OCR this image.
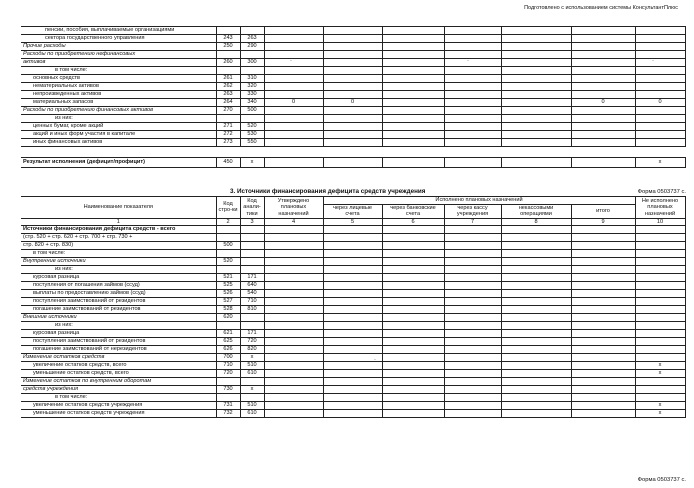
Подготовлено с использованием системы КонсультантПлюс
пенсии, пособия, выплачиваемые организациями									
сектора государственного управления	243	263							
Прочие расходы	250	290							
Расходы по приобретению нефинансовых									
активов	260	300							
в том числе:									
основных средств	261	310							
нематериальных активов	262	320							
непроизведенных активов	263	330							
материальных запасов	264	340	0	0				0	0
Расходы по приобретению финансовых активов	270	500							
из них:									
ценных бумаг, кроме акций	271	520							
акций и иных форм участия в капитале	272	530							
иных финансовых активов	273	550							

Результат исполнения (дефицит/профицит)	450	x							x
3. Источники финансирования дефицита средств учреждения	Форма 0503737 с.
Наименование показателя	Код стро-ки	Код анали-тики	Утверждено плановых назначений	Исполнено плановых назначений					Не исполнено плановых назначений
				через лицевые счета	через банковские счета	через кассу учреждения	некассовыми операциями	итого	
1	2	3	4	5	6	7	8	9	10
Источники финансирования дефицита средств - всего									
(стр. 520 + стр. 620 + стр. 700 + стр. 730 +									
стр. 820 + стр. 830)	500								
в том числе:									
Внутренние источники	520								
из них:									
курсовая разница	521	171							
поступления от погашения займов (ссуд)	525	640							
выплаты по предоставлению займов (ссуд)	526	540							
поступления заимствований от резидентов	527	710							
погашение заимствований от резидентов	528	810							
Внешние источники	620								
из них:									
курсовая разница	621	171							
поступления заимствований от резидентов	625	720							
погашение заимствований от нерезидентов	626	820							
Изменение остатков средств	700	x							
увеличение остатков средств, всего	710	510							x
уменьшение остатков средств, всего	720	610							x
Изменение остатков по внутренним оборотам									
средств учреждения	730	x							
в том числе:									
увеличение остатков средств учреждения	731	510							x
уменьшение остатков средств учреждения	732	610							x
Форма 0503737 с.
·	·	·
·
